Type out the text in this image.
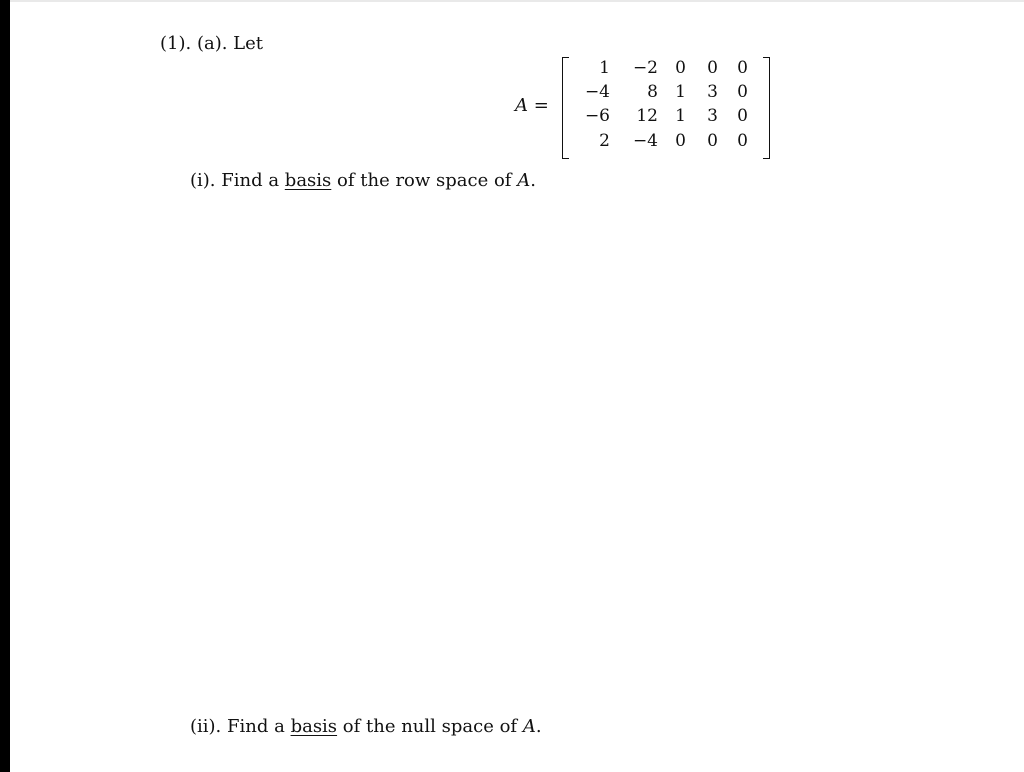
(1). (a). Let
A =
1	−2	0	0	0
−4	8	1	3	0
−6	12	1	3	0
2	−4	0	0	0
(i). Find a basis of the row space of A.
(ii). Find a basis of the null space of A.
